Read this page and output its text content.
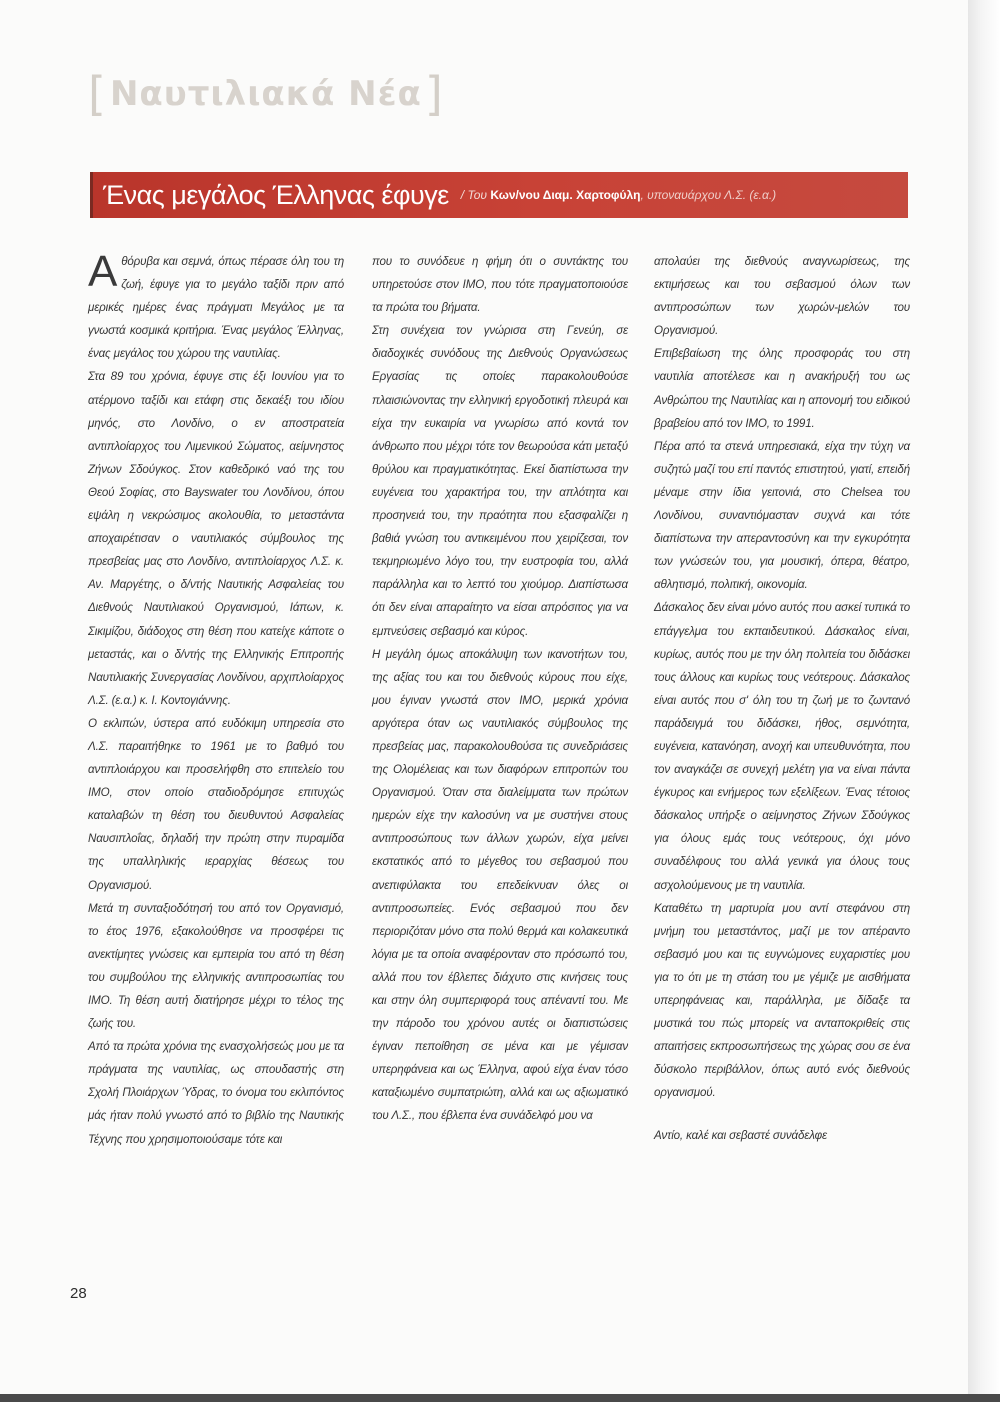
[ Ναυτιλιακά Νέα ]
Ένας μεγάλος Έλληνας έφυγε / Του Κων/νου Διαμ. Χαρτοφύλη, υποναυάρχου Λ.Σ. (ε.α.)

Αθόρυβα και σεμνά, όπως πέρασε όλη του τη ζωή, έφυγε για το μεγάλο ταξίδι πριν από μερικές ημέρες ένας πράγματι Μεγάλος με τα γνωστά κοσμικά κριτήρια. Ένας μεγάλος Έλληνας, ένας μεγάλος του χώρου της ναυτιλίας.

Στα 89 του χρόνια, έφυγε στις έξι Ιουνίου για το ατέρμονο ταξίδι και ετάφη στις δεκαέξι του ιδίου μηνός, στο Λονδίνο, ο εν αποστρατεία αντιπλοίαρχος του Λιμενικού Σώματος, αείμνηστος Ζήνων Σδούγκος. Στον καθεδρικό ναό της του Θεού Σοφίας, στο Bayswater του Λονδίνου, όπου εψάλη η νεκρώσιμος ακολουθία, το μεταστάντα αποχαιρέτισαν ο ναυτιλιακός σύμβουλος της πρεσβείας μας στο Λονδίνο, αντιπλοίαρχος Λ.Σ. κ. Αν. Μαργέτης, ο δ/ντής Ναυτικής Ασφαλείας του Διεθνούς Ναυτιλιακού Οργανισμού, Ιάπων, κ. Σικιμίζου, διάδοχος στη θέση που κατείχε κάποτε ο μεταστάς, και ο δ/ντής της Ελληνικής Επιτροπής Ναυτιλιακής Συνεργασίας Λονδίνου, αρχιπλοίαρχος Λ.Σ. (ε.α.) κ. Ι. Κοντογιάννης.

Ο εκλιπών, ύστερα από ευδόκιμη υπηρεσία στο Λ.Σ. παραιτήθηκε το 1961 με το βαθμό του αντιπλοιάρχου και προσελήφθη στο επιτελείο του IMO, στον οποίο σταδιοδρόμησε επιτυχώς καταλαβών τη θέση του διευθυντού Ασφαλείας Ναυσιπλοΐας, δηλαδή την πρώτη στην πυραμίδα της υπαλληλικής ιεραρχίας θέσεως του Οργανισμού.

Μετά τη συνταξιοδότησή του από τον Οργανισμό, το έτος 1976, εξακολούθησε να προσφέρει τις ανεκτίμητες γνώσεις και εμπειρία του από τη θέση του συμβούλου της ελληνικής αντιπροσωπίας του IMO. Τη θέση αυτή διατήρησε μέχρι το τέλος της ζωής του.

Από τα πρώτα χρόνια της ενασχολήσεώς μου με τα πράγματα της ναυτιλίας, ως σπουδαστής στη Σχολή Πλοιάρχων Ύδρας, το όνομα του εκλιπόντος μάς ήταν πολύ γνωστό από το βιβλίο της Ναυτικής Τέχνης που χρησιμοποιούσαμε τότε και

που το συνόδευε η φήμη ότι ο συντάκτης του υπηρετούσε στον IMO, που τότε πραγματοποιούσε τα πρώτα του βήματα.

Στη συνέχεια τον γνώρισα στη Γενεύη, σε διαδοχικές συνόδους της Διεθνούς Οργανώσεως Εργασίας τις οποίες παρακολουθούσε πλαισιώνοντας την ελληνική εργοδοτική πλευρά και είχα την ευκαιρία να γνωρίσω από κοντά τον άνθρωπο που μέχρι τότε τον θεωρούσα κάτι μεταξύ θρύλου και πραγματικότητας. Εκεί διαπίστωσα την ευγένεια του χαρακτήρα του, την απλότητα και προσηνειά του, την πραότητα που εξασφαλίζει η βαθιά γνώση του αντικειμένου που χειρίζεσαι, τον τεκμηριωμένο λόγο του, την ευστροφία του, αλλά παράλληλα και το λεπτό του χιούμορ. Διαπίστωσα ότι δεν είναι απαραίτητο να είσαι απρόσιτος για να εμπνεύσεις σεβασμό και κύρος.

Η μεγάλη όμως αποκάλυψη των ικανοτήτων του, της αξίας του και του διεθνούς κύρους που είχε, μου έγιναν γνωστά στον IMO, μερικά χρόνια αργότερα όταν ως ναυτιλιακός σύμβουλος της πρεσβείας μας, παρακολουθούσα τις συνεδριάσεις της Ολομέλειας και των διαφόρων επιτροπών του Οργανισμού. Όταν στα διαλείμματα των πρώτων ημερών είχε την καλοσύνη να με συστήνει στους αντιπροσώπους των άλλων χωρών, είχα μείνει εκστατικός από το μέγεθος του σεβασμού που ανεπιφύλακτα του επεδείκνυαν όλες οι αντιπροσωπείες. Ενός σεβασμού που δεν περιοριζόταν μόνο στα πολύ θερμά και κολακευτικά λόγια με τα οποία αναφέρονταν στο πρόσωπό του, αλλά που τον έβλεπες διάχυτο στις κινήσεις τους και στην όλη συμπεριφορά τους απέναντί του. Με την πάροδο του χρόνου αυτές οι διαπιστώσεις έγιναν πεποίθηση σε μένα και με γέμισαν υπερηφάνεια και ως Έλληνα, αφού είχα έναν τόσο καταξιωμένο συμπατριώτη, αλλά και ως αξιωματικό του Λ.Σ., που έβλεπα ένα συνάδελφό μου να

απολαύει της διεθνούς αναγνωρίσεως, της εκτιμήσεως και του σεβασμού όλων των αντιπροσώπων των χωρών-μελών του Οργανισμού.

Επιβεβαίωση της όλης προσφοράς του στη ναυτιλία αποτέλεσε και η ανακήρυξή του ως Ανθρώπου της Ναυτιλίας και η απονομή του ειδικού βραβείου από τον IMO, το 1991.

Πέρα από τα στενά υπηρεσιακά, είχα την τύχη να συζητώ μαζί του επί παντός επιστητού, γιατί, επειδή μέναμε στην ίδια γειτονιά, στο Chelsea του Λονδίνου, συναντιόμασταν συχνά και τότε διαπίστωνα την απεραντοσύνη και την εγκυρότητα των γνώσεών του, για μουσική, όπερα, θέατρο, αθλητισμό, πολιτική, οικονομία.

Δάσκαλος δεν είναι μόνο αυτός που ασκεί τυπικά το επάγγελμα του εκπαιδευτικού. Δάσκαλος είναι, κυρίως, αυτός που με την όλη πολιτεία του διδάσκει τους άλλους και κυρίως τους νεότερους. Δάσκαλος είναι αυτός που σ' όλη του τη ζωή με το ζωντανό παράδειγμά του διδάσκει, ήθος, σεμνότητα, ευγένεια, κατανόηση, ανοχή και υπευθυνότητα, που τον αναγκάζει σε συνεχή μελέτη για να είναι πάντα έγκυρος και ενήμερος των εξελίξεων. Ένας τέτοιος δάσκαλος υπήρξε ο αείμνηστος Ζήνων Σδούγκος για όλους εμάς τους νεότερους, όχι μόνο συναδέλφους του αλλά γενικά για όλους τους ασχολούμενους με τη ναυτιλία.

Καταθέτω τη μαρτυρία μου αντί στεφάνου στη μνήμη του μεταστάντος, μαζί με τον απέραντο σεβασμό μου και τις ευγνώμονες ευχαριστίες μου για το ότι με τη στάση του με γέμιζε με αισθήματα υπερηφάνειας και, παράλληλα, με δίδαξε τα μυστικά του πώς μπορείς να ανταποκριθείς στις απαιτήσεις εκπροσωπήσεως της χώρας σου σε ένα δύσκολο περιβάλλον, όπως αυτό ενός διεθνούς οργανισμού.

Αντίο, καλέ και σεβαστέ συνάδελφε

28
